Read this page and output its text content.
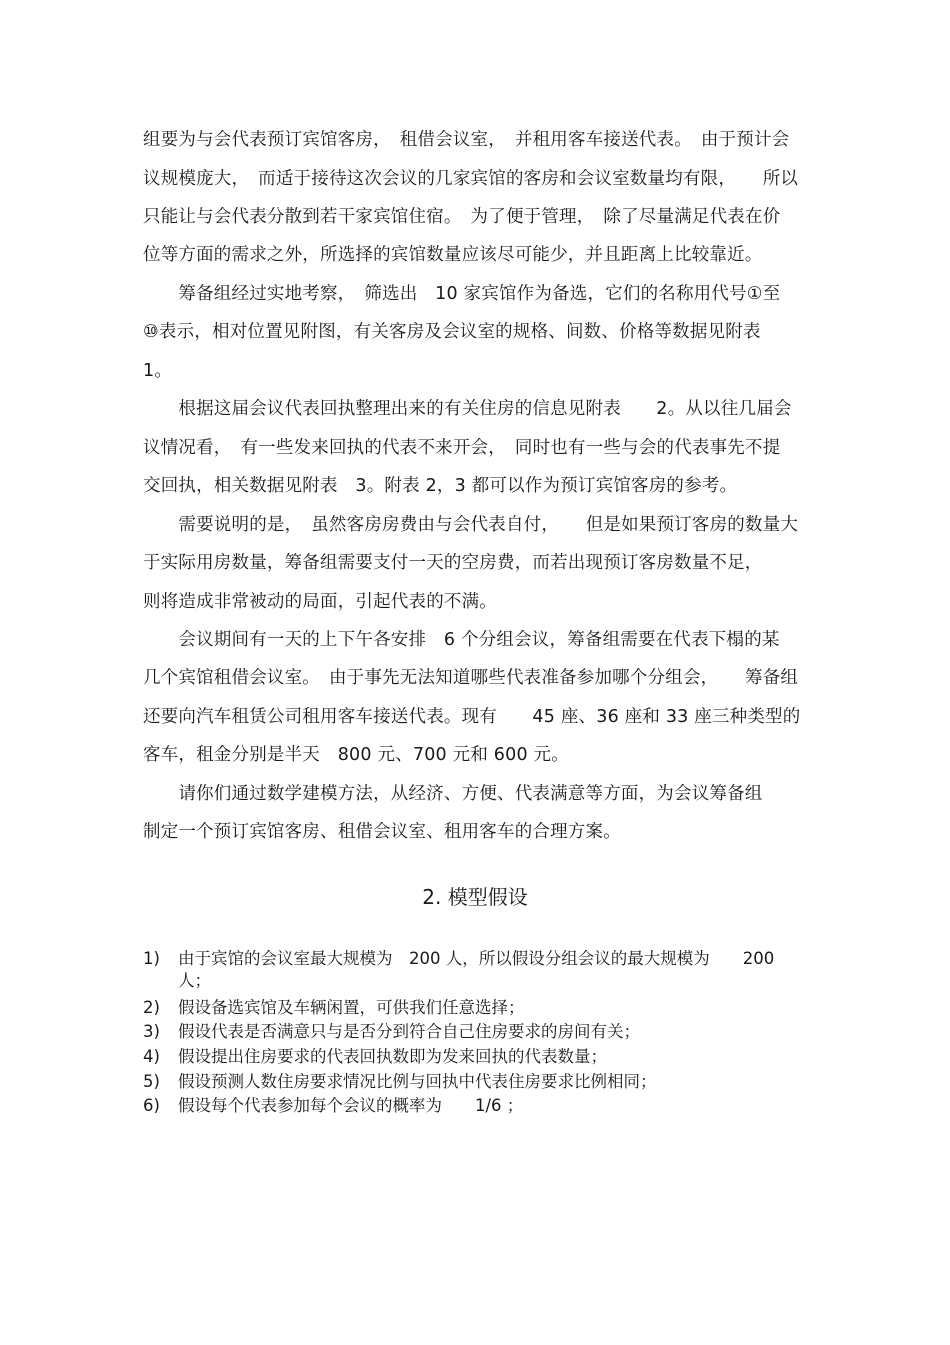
组要为与会代表预订宾馆客房，　租借会议室，　并租用客车接送代表。　由于预计会
议规模庞大，　而适于接待这次会议的几家宾馆的客房和会议室数量均有限，　　所以
只能让与会代表分散到若干家宾馆住宿。　为了便于管理，　除了尽量满足代表在价
位等方面的需求之外，所选择的宾馆数量应该尽可能少，并且距离上比较靠近。
　　筹备组经过实地考察，　筛选出　10 家宾馆作为备选，它们的名称用代号①至
⑩表示，相对位置见附图，有关客房及会议室的规格、间数、价格等数据见附表
1。
　　根据这届会议代表回执整理出来的有关住房的信息见附表　　2。从以往几届会
议情况看，　有一些发来回执的代表不来开会，　同时也有一些与会的代表事先不提
交回执，相关数据见附表　3。附表 2，3 都可以作为预订宾馆客房的参考。
　　需要说明的是，　虽然客房房费由与会代表自付，　　但是如果预订客房的数量大
于实际用房数量，筹备组需要支付一天的空房费，而若出现预订客房数量不足，
则将造成非常被动的局面，引起代表的不满。
　　会议期间有一天的上下午各安排　6 个分组会议，筹备组需要在代表下榻的某
几个宾馆租借会议室。　由于事先无法知道哪些代表准备参加哪个分组会，　　筹备组
还要向汽车租赁公司租用客车接送代表。现有　　45 座、36 座和 33 座三种类型的
客车，租金分别是半天　800 元、700 元和 600 元。
　　请你们通过数学建模方法，从经济、方便、代表满意等方面，为会议筹备组
制定一个预订宾馆客房、租借会议室、租用客车的合理方案。
2. 模型假设
1) 由于宾馆的会议室最大规模为　200 人，所以假设分组会议的最大规模为　　200
人；
2) 假设备选宾馆及车辆闲置，可供我们任意选择；
3) 假设代表是否满意只与是否分到符合自己住房要求的房间有关；
4) 假设提出住房要求的代表回执数即为发来回执的代表数量；
5) 假设预测人数住房要求情况比例与回执中代表住房要求比例相同；
6) 假设每个代表参加每个会议的概率为　　1/6 ；
